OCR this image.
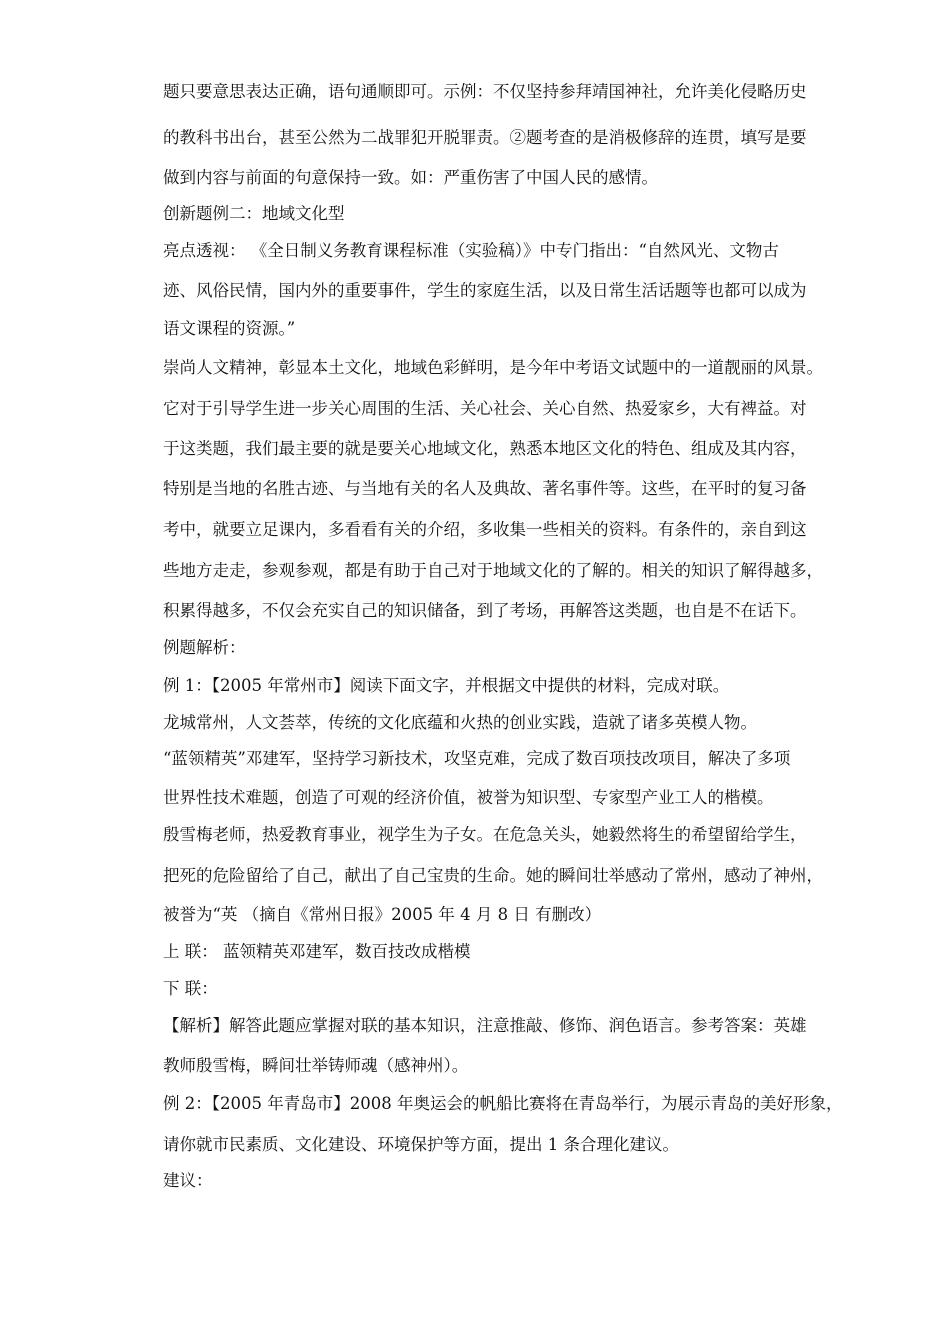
题只要意思表达正确，语句通顺即可。示例：不仅坚持参拜靖国神社，允许美化侵略历史
的教科书出台，甚至公然为二战罪犯开脱罪责。②题考查的是消极修辞的连贯，填写是要
做到内容与前面的句意保持一致。如：严重伤害了中国人民的感情。
创新题例二：地域文化型
亮点透视： 《全日制义务教育课程标准（实验稿）》中专门指出：“自然风光、文物古
迹、风俗民情，国内外的重要事件，学生的家庭生活，以及日常生活话题等也都可以成为
语文课程的资源。”
崇尚人文精神，彰显本土文化，地域色彩鲜明，是今年中考语文试题中的一道靓丽的风景。
它对于引导学生进一步关心周围的生活、关心社会、关心自然、热爱家乡，大有裨益。对
于这类题，我们最主要的就是要关心地域文化，熟悉本地区文化的特色、组成及其内容，
特别是当地的名胜古迹、与当地有关的名人及典故、著名事件等。这些，在平时的复习备
考中，就要立足课内，多看看有关的介绍，多收集一些相关的资料。有条件的，亲自到这
些地方走走，参观参观，都是有助于自己对于地域文化的了解的。相关的知识了解得越多，
积累得越多，不仅会充实自己的知识储备，到了考场，再解答这类题，也自是不在话下。
例题解析：
例 1：【2005 年常州市】阅读下面文字，并根据文中提供的材料，完成对联。
龙城常州，人文荟萃，传统的文化底蕴和火热的创业实践，造就了诸多英模人物。
“蓝领精英”邓建军，坚持学习新技术，攻坚克难，完成了数百项技改项目，解决了多项
世界性技术难题，创造了可观的经济价值，被誉为知识型、专家型产业工人的楷模。
殷雪梅老师，热爱教育事业，视学生为子女。在危急关头，她毅然将生的希望留给学生，
把死的危险留给了自己，献出了自己宝贵的生命。她的瞬间壮举感动了常州，感动了神州，
被誉为“英 （摘自《常州日报》2005 年 4 月 8 日 有删改）
上 联： 蓝领精英邓建军，数百技改成楷模
下 联：
【解析】解答此题应掌握对联的基本知识，注意推敲、修饰、润色语言。参考答案：英雄
教师殷雪梅，瞬间壮举铸师魂（感神州）。
例 2：【2005 年青岛市】2008 年奥运会的帆船比赛将在青岛举行，为展示青岛的美好形象，
请你就市民素质、文化建设、环境保护等方面，提出 1 条合理化建议。
建议：
